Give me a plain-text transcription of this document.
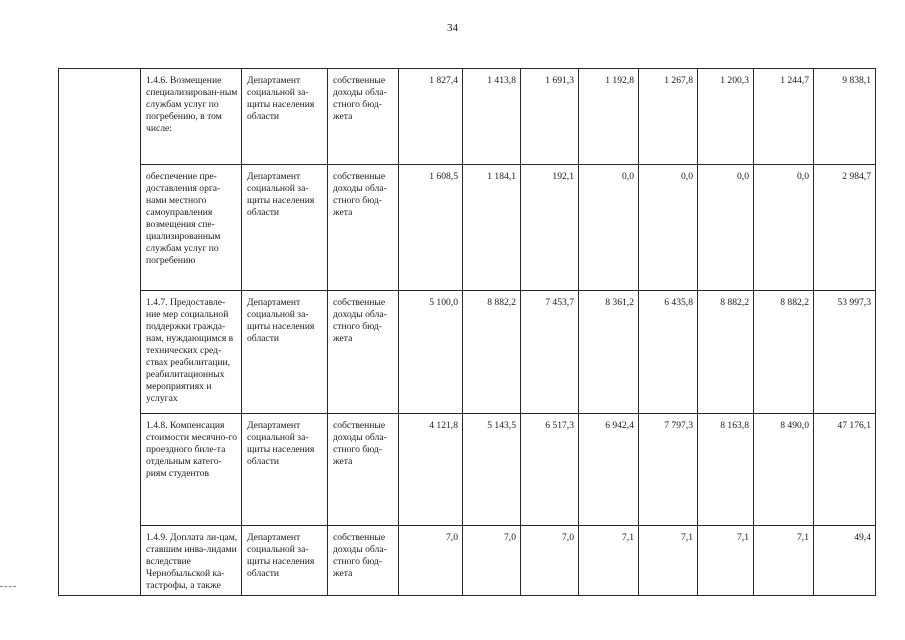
34
	1.4.6. Возмещение специализирован-ным службам услуг по погребению, в том числе:	Департамент социальной за-щиты населения области	собственные доходы обла-стного бюд-жета	1 827,4	1 413,8	1 691,3	1 192,8	1 267,8	1 200,3	1 244,7	9 838,1
	обеспечение пре-доставления орга-нами местного самоуправления возмещения спе-циализированным службам услуг по погребению	Департамент социальной за-щиты населения области	собственные доходы обла-стного бюд-жета	1 608,5	1 184,1	192,1	0,0	0,0	0,0	0,0	2 984,7
	1.4.7. Предоставле-ние мер социальной поддержки гражда-нам, нуждающимся в технических сред-ствах реабилитации, реабилитационных мероприятиях и услугах	Департамент социальной за-щиты населения области	собственные доходы обла-стного бюд-жета	5 100,0	8 882,2	7 453,7	8 361,2	6 435,8	8 882,2	8 882,2	53 997,3
	1.4.8. Компенсация стоимости месячно-го проездного биле-та отдельным катего-риям студентов	Департамент социальной за-щиты населения области	собственные доходы обла-стного бюд-жета	4 121,8	5 143,5	6 517,3	6 942,4	7 797,3	8 163,8	8 490,0	47 176,1
	1.4.9. Доплата ли-цам, ставшим инва-лидами вследствие Чернобыльской ка-тастрофы, а также	Департамент социальной за-щиты населения области	собственные доходы обла-стного бюд-жета	7,0	7,0	7,0	7,1	7,1	7,1	7,1	49,4
